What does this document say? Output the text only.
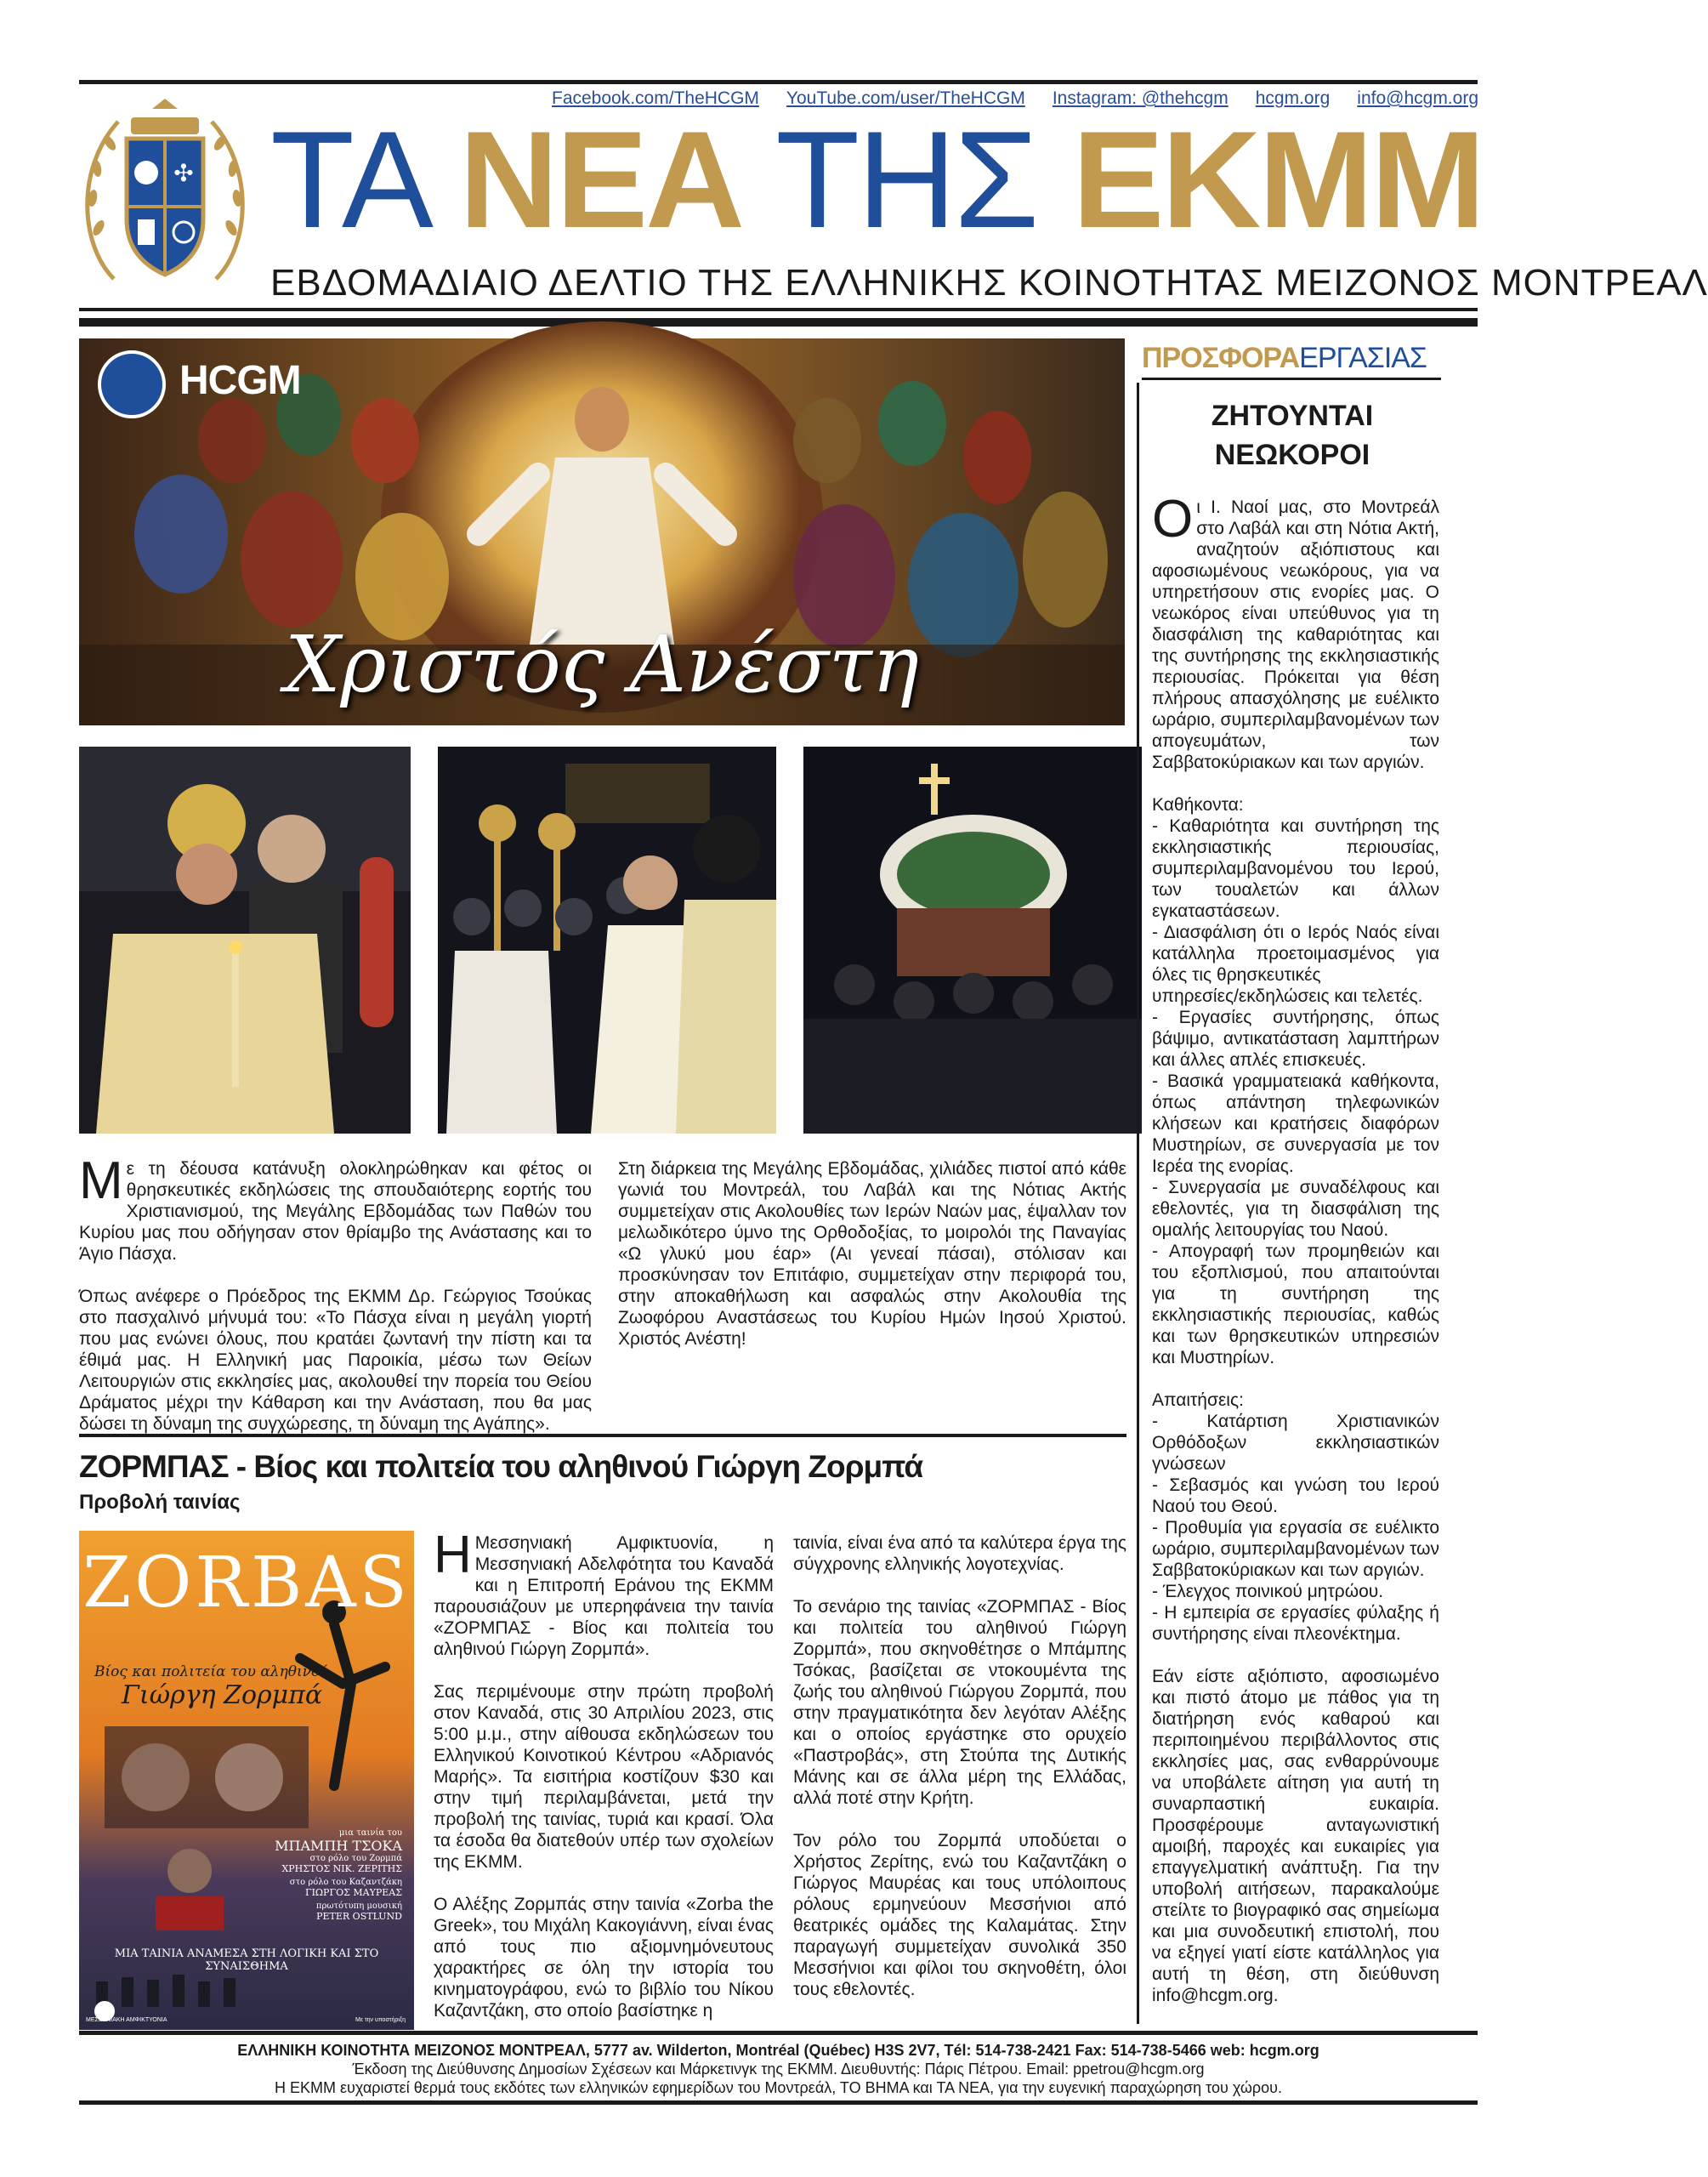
Facebook.com/TheHCGM YouTube.com/user/TheHCGM Instagram: @thehcgm hcgm.org info@hcgm.org
✣ ΤΑ ΝΕΑ ΤΗΣ ΕΚΜΜ
ΕΒΔΟΜΑΔΙΑΙΟ ΔΕΛΤΙΟ ΤΗΣ ΕΛΛΗΝΙΚΗΣ ΚΟΙΝΟΤΗΤΑΣ ΜΕΙΖΟΝΟΣ ΜΟΝΤΡΕΑΛ
HCGM
Χριστός Ανέστη

Με τη δέουσα κατάνυξη ολοκληρώθηκαν και φέτος οι θρησκευτικές εκδηλώσεις της σπουδαιότερης εορτής του Χριστιανισμού, της Μεγάλης Εβδομάδας των Παθών του Κυρίου μας που οδήγησαν στον θρίαμβο της Ανάστασης και το Άγιο Πάσχα.

Όπως ανέφερε ο Πρόεδρος της ΕΚΜΜ Δρ. Γεώργιος Τσούκας στο πασχαλινό μήνυμά του: «Το Πάσχα είναι η μεγάλη γιορτή που μας ενώνει όλους, που κρατάει ζωντανή την πίστη και τα έθιμά μας. Η Ελληνική μας Παροικία, μέσω των Θείων Λειτουργιών στις εκκλησίες μας, ακολουθεί την πορεία του Θείου Δράματος μέχρι την Κάθαρση και την Ανάσταση, που θα μας δώσει τη δύναμη της συγχώρεσης, τη δύναμη της Αγάπης».

Στη διάρκεια της Μεγάλης Εβδομάδας, χιλιάδες πιστοί από κάθε γωνιά του Μοντρεάλ, του Λαβάλ και της Νότιας Ακτής συμμετείχαν στις Ακολουθίες των Ιερών Ναών μας, έψαλλαν τον μελωδικότερο ύμνο της Ορθοδοξίας, το μοιρολόι της Παναγίας «Ω γλυκύ μου έαρ» (Αι γενεαί πάσαι), στόλισαν και προσκύνησαν τον Επιτάφιο, συμμετείχαν στην περιφορά του, στην αποκαθήλωση και ασφαλώς στην Ακολουθία της Ζωοφόρου Αναστάσεως του Κυρίου Ημών Ιησού Χριστού. Χριστός Ανέστη!

ΖΟΡΜΠΑΣ - Βίος και πολιτεία του αληθινού Γιώργη Ζορμπά
Προβολή ταινίας
ZORBAS
Βίος και πολιτεία του αληθινού
Γιώργη Ζορμπά
μια ταινία του
ΜΠΑΜΠΗ ΤΣΟΚΑ
στο ρόλο του Ζορμπά
ΧΡΗΣΤΟΣ ΝΙΚ. ΖΕΡΙΤΗΣ
στο ρόλο του Καζαντζάκη
ΓΙΩΡΓΟΣ ΜΑΥΡΕΑΣ
πρωτότυπη μουσική
PETER OSTLUND
ΜΙΑ ΤΑΙΝΙΑ ΑΝΑΜΕΣΑ ΣΤΗ ΛΟΓΙΚΗ ΚΑΙ ΣΤΟ ΣΥΝΑΙΣΘΗΜΑ
ΜΕΣΣΗΝΙΑΚΗ ΑΜΦΙΚΤΥΟΝΙΑ	Με την υποστήριξη

Η Μεσσηνιακή Αμφικτυονία, η Μεσσηνιακή Αδελφότητα του Καναδά και η Επιτροπή Εράνου της ΕΚΜΜ παρουσιάζουν με υπερηφάνεια την ταινία «ΖΟΡΜΠΑΣ - Βίος και πολιτεία του αληθινού Γιώργη Ζορμπά».

Σας περιμένουμε στην πρώτη προβολή στον Καναδά, στις 30 Απριλίου 2023, στις 5:00 μ.μ., στην αίθουσα εκδηλώσεων του Ελληνικού Κοινοτικού Κέντρου «Αδριανός Μαρής». Τα εισιτήρια κοστίζουν $30 και στην τιμή περιλαμβάνεται, μετά την προβολή της ταινίας, τυριά και κρασί. Όλα τα έσοδα θα διατεθούν υπέρ των σχολείων της ΕΚΜΜ.

Ο Αλέξης Ζορμπάς στην ταινία «Zorba the Greek», του Μιχάλη Κακογιάννη, είναι ένας από τους πιο αξιομνημόνευτους χαρακτήρες σε όλη την ιστορία του κινηματογράφου, ενώ το βιβλίο του Νίκου Καζαντζάκη, στο οποίο βασίστηκε η

ταινία, είναι ένα από τα καλύτερα έργα της σύγχρονης ελληνικής λογοτεχνίας.

Το σενάριο της ταινίας «ΖΟΡΜΠΑΣ - Βίος και πολιτεία του αληθινού Γιώργη Ζορμπά», που σκηνοθέτησε ο Μπάμπης Τσόκας, βασίζεται σε ντοκουμέντα της ζωής του αληθινού Γιώργου Ζορμπά, που στην πραγματικότητα δεν λεγόταν Αλέξης και ο οποίος εργάστηκε στο ορυχείο «Παστροβάς», στη Στούπα της Δυτικής Μάνης και σε άλλα μέρη της Ελλάδας, αλλά ποτέ στην Κρήτη.

Τον ρόλο του Ζορμπά υποδύεται ο Χρήστος Ζερίτης, ενώ του Καζαντζάκη ο Γιώργος Μαυρέας και τους υπόλοιπους ρόλους ερμηνεύουν Μεσσήνιοι από θεατρικές ομάδες της Καλαμάτας. Στην παραγωγή συμμετείχαν συνολικά 350 Μεσσήνιοι και φίλοι του σκηνοθέτη, όλοι τους εθελοντές.

ΠΡΟΣΦΟΡΑΕΡΓΑΣΙΑΣ
ΖΗΤΟΥΝΤΑΙ ΝΕΩΚΟΡΟΙ

Οι Ι. Ναοί μας, στο Μοντρεάλ στο Λαβάλ και στη Νότια Ακτή, αναζητούν αξιόπιστους και αφοσιωμένους νεωκόρους, για να υπηρετήσουν στις ενορίες μας. Ο νεωκόρος είναι υπεύθυνος για τη διασφάλιση της καθαριότητας και της συντήρησης της εκκλησιαστικής περιουσίας. Πρόκειται για θέση πλήρους απασχόλησης με ευέλικτο ωράριο, συμπεριλαμβανομένων των απογευμάτων, των Σαββατοκύριακων και των αργιών.

Καθήκοντα:
- Καθαριότητα και συντήρηση της εκκλησιαστικής περιουσίας, συμπεριλαμβανομένου του Ιερού, των τουαλετών και άλλων εγκαταστάσεων.
- Διασφάλιση ότι ο Ιερός Ναός είναι κατάλληλα προετοιμασμένος για όλες τις θρησκευτικές
υπηρεσίες/εκδηλώσεις και τελετές.
- Εργασίες συντήρησης, όπως βάψιμο, αντικατάσταση λαμπτήρων και άλλες απλές επισκευές.
- Βασικά γραμματειακά καθήκοντα, όπως απάντηση τηλεφωνικών κλήσεων και κρατήσεις διαφόρων Μυστηρίων, σε συνεργασία με τον Ιερέα της ενορίας.
- Συνεργασία με συναδέλφους και εθελοντές, για τη διασφάλιση της ομαλής λειτουργίας του Ναού.
- Απογραφή των προμηθειών και του εξοπλισμού, που απαιτούνται για τη συντήρηση της εκκλησιαστικής περιουσίας, καθώς και των θρησκευτικών υπηρεσιών και Μυστηρίων.
Απαιτήσεις:
- Κατάρτιση Χριστιανικών Ορθόδοξων εκκλησιαστικών γνώσεων
- Σεβασμός και γνώση του Ιερού Ναού του Θεού.
- Προθυμία για εργασία σε ευέλικτο ωράριο, συμπεριλαμβανομένων των Σαββατοκύριακων και των αργιών.
- Έλεγχος ποινικού μητρώου.
- Η εμπειρία σε εργασίες φύλαξης ή συντήρησης είναι πλεονέκτημα.

Εάν είστε αξιόπιστο, αφοσιωμένο και πιστό άτομο με πάθος για τη διατήρηση ενός καθαρού και περιποιημένου περιβάλλοντος στις εκκλησίες μας, σας ενθαρρύνουμε να υποβάλετε αίτηση για αυτή τη συναρπαστική ευκαιρία. Προσφέρουμε ανταγωνιστική αμοιβή, παροχές και ευκαιρίες για επαγγελματική ανάπτυξη. Για την υποβολή αιτήσεων, παρακαλούμε στείλτε το βιογραφικό σας σημείωμα και μια συνοδευτική επιστολή, που να εξηγεί γιατί είστε κατάλληλος για αυτή τη θέση, στη διεύθυνση info@hcgm.org.

ΕΛΛΗΝΙΚΗ ΚΟΙΝΟΤΗΤΑ ΜΕΙΖΟΝΟΣ ΜΟΝΤΡΕΑΛ, 5777 av. Wilderton, Montréal (Québec) H3S 2V7, Tél: 514-738-2421 Fax: 514-738-5466 web: hcgm.org
Έκδοση της Διεύθυνσης Δημοσίων Σχέσεων και Μάρκετινγκ της ΕΚΜΜ. Διευθυντής: Πάρις Πέτρου. Email: ppetrou@hcgm.org
Η ΕΚΜΜ ευχαριστεί θερμά τους εκδότες των ελληνικών εφημερίδων του Μοντρεάλ, ΤΟ ΒΗΜΑ και ΤΑ ΝΕΑ, για την ευγενική παραχώρηση του χώρου.
